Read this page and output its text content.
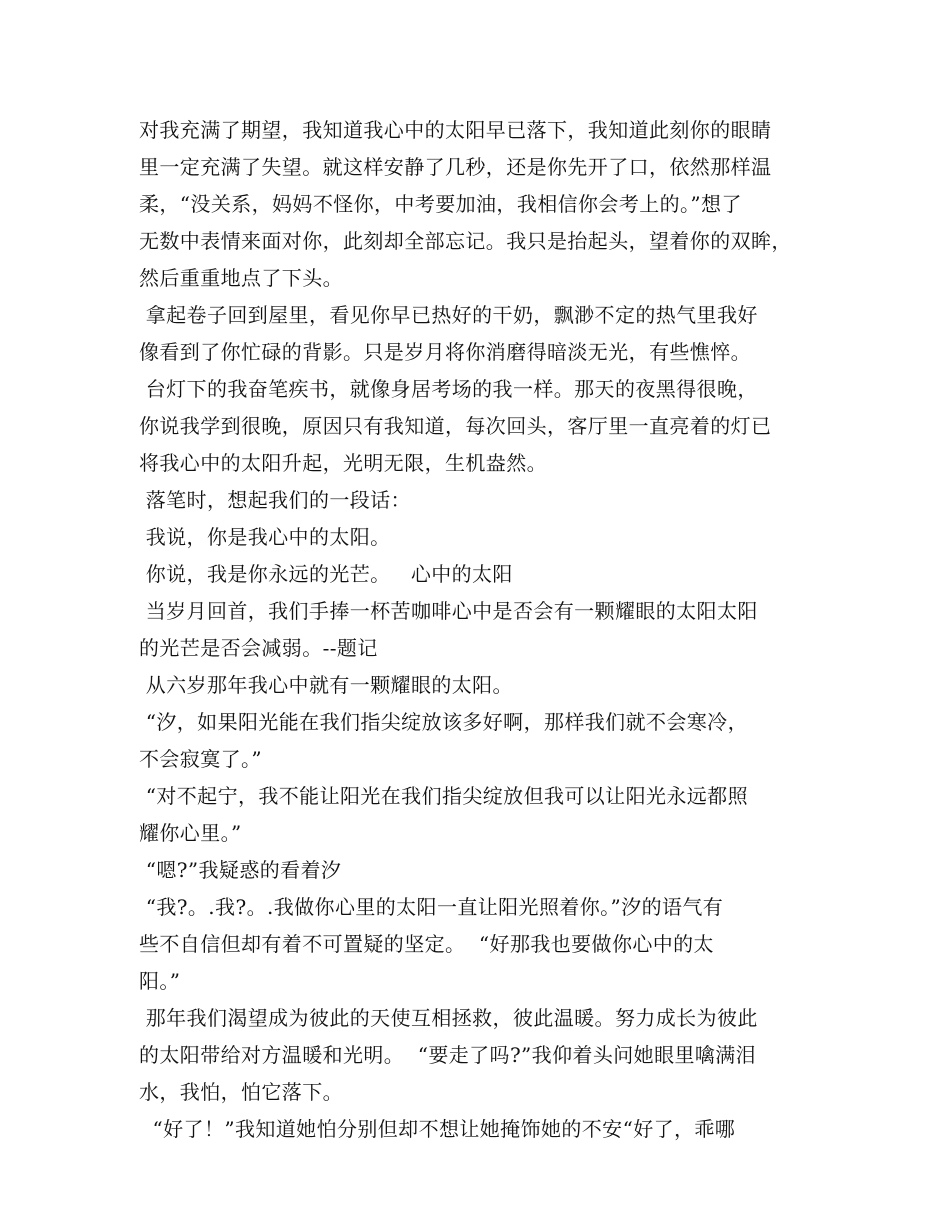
对我充满了期望，我知道我心中的太阳早已落下，我知道此刻你的眼睛
里一定充满了失望。就这样安静了几秒，还是你先开了口，依然那样温
柔，“没关系，妈妈不怪你，中考要加油，我相信你会考上的。”想了
无数中表情来面对你，此刻却全部忘记。我只是抬起头，望着你的双眸，
然后重重地点了下头。
拿起卷子回到屋里，看见你早已热好的干奶，飘渺不定的热气里我好
像看到了你忙碌的背影。只是岁月将你消磨得暗淡无光，有些憔悴。
台灯下的我奋笔疾书，就像身居考场的我一样。那天的夜黑得很晚，
你说我学到很晚，原因只有我知道，每次回头，客厅里一直亮着的灯已
将我心中的太阳升起，光明无限，生机盎然。
落笔时，想起我们的一段话：
我说，你是我心中的太阳。
你说，我是你永远的光芒。   心中的太阳
当岁月回首，我们手捧一杯苦咖啡心中是否会有一颗耀眼的太阳太阳
的光芒是否会减弱。--题记
从六岁那年我心中就有一颗耀眼的太阳。
“汐，如果阳光能在我们指尖绽放该多好啊，那样我们就不会寒冷，
不会寂寞了。”
“对不起宁，我不能让阳光在我们指尖绽放但我可以让阳光永远都照
耀你心里。”
“嗯?”我疑惑的看着汐
“我?。.我?。.我做你心里的太阳一直让阳光照着你。”汐的语气有
些不自信但却有着不可置疑的坚定。  “好那我也要做你心中的太
阳。”
那年我们渴望成为彼此的天使互相拯救，彼此温暖。努力成长为彼此
的太阳带给对方温暖和光明。  “要走了吗?”我仰着头问她眼里噙满泪
水，我怕，怕它落下。
“好了！”我知道她怕分别但却不想让她掩饰她的不安“好了，乖哪
